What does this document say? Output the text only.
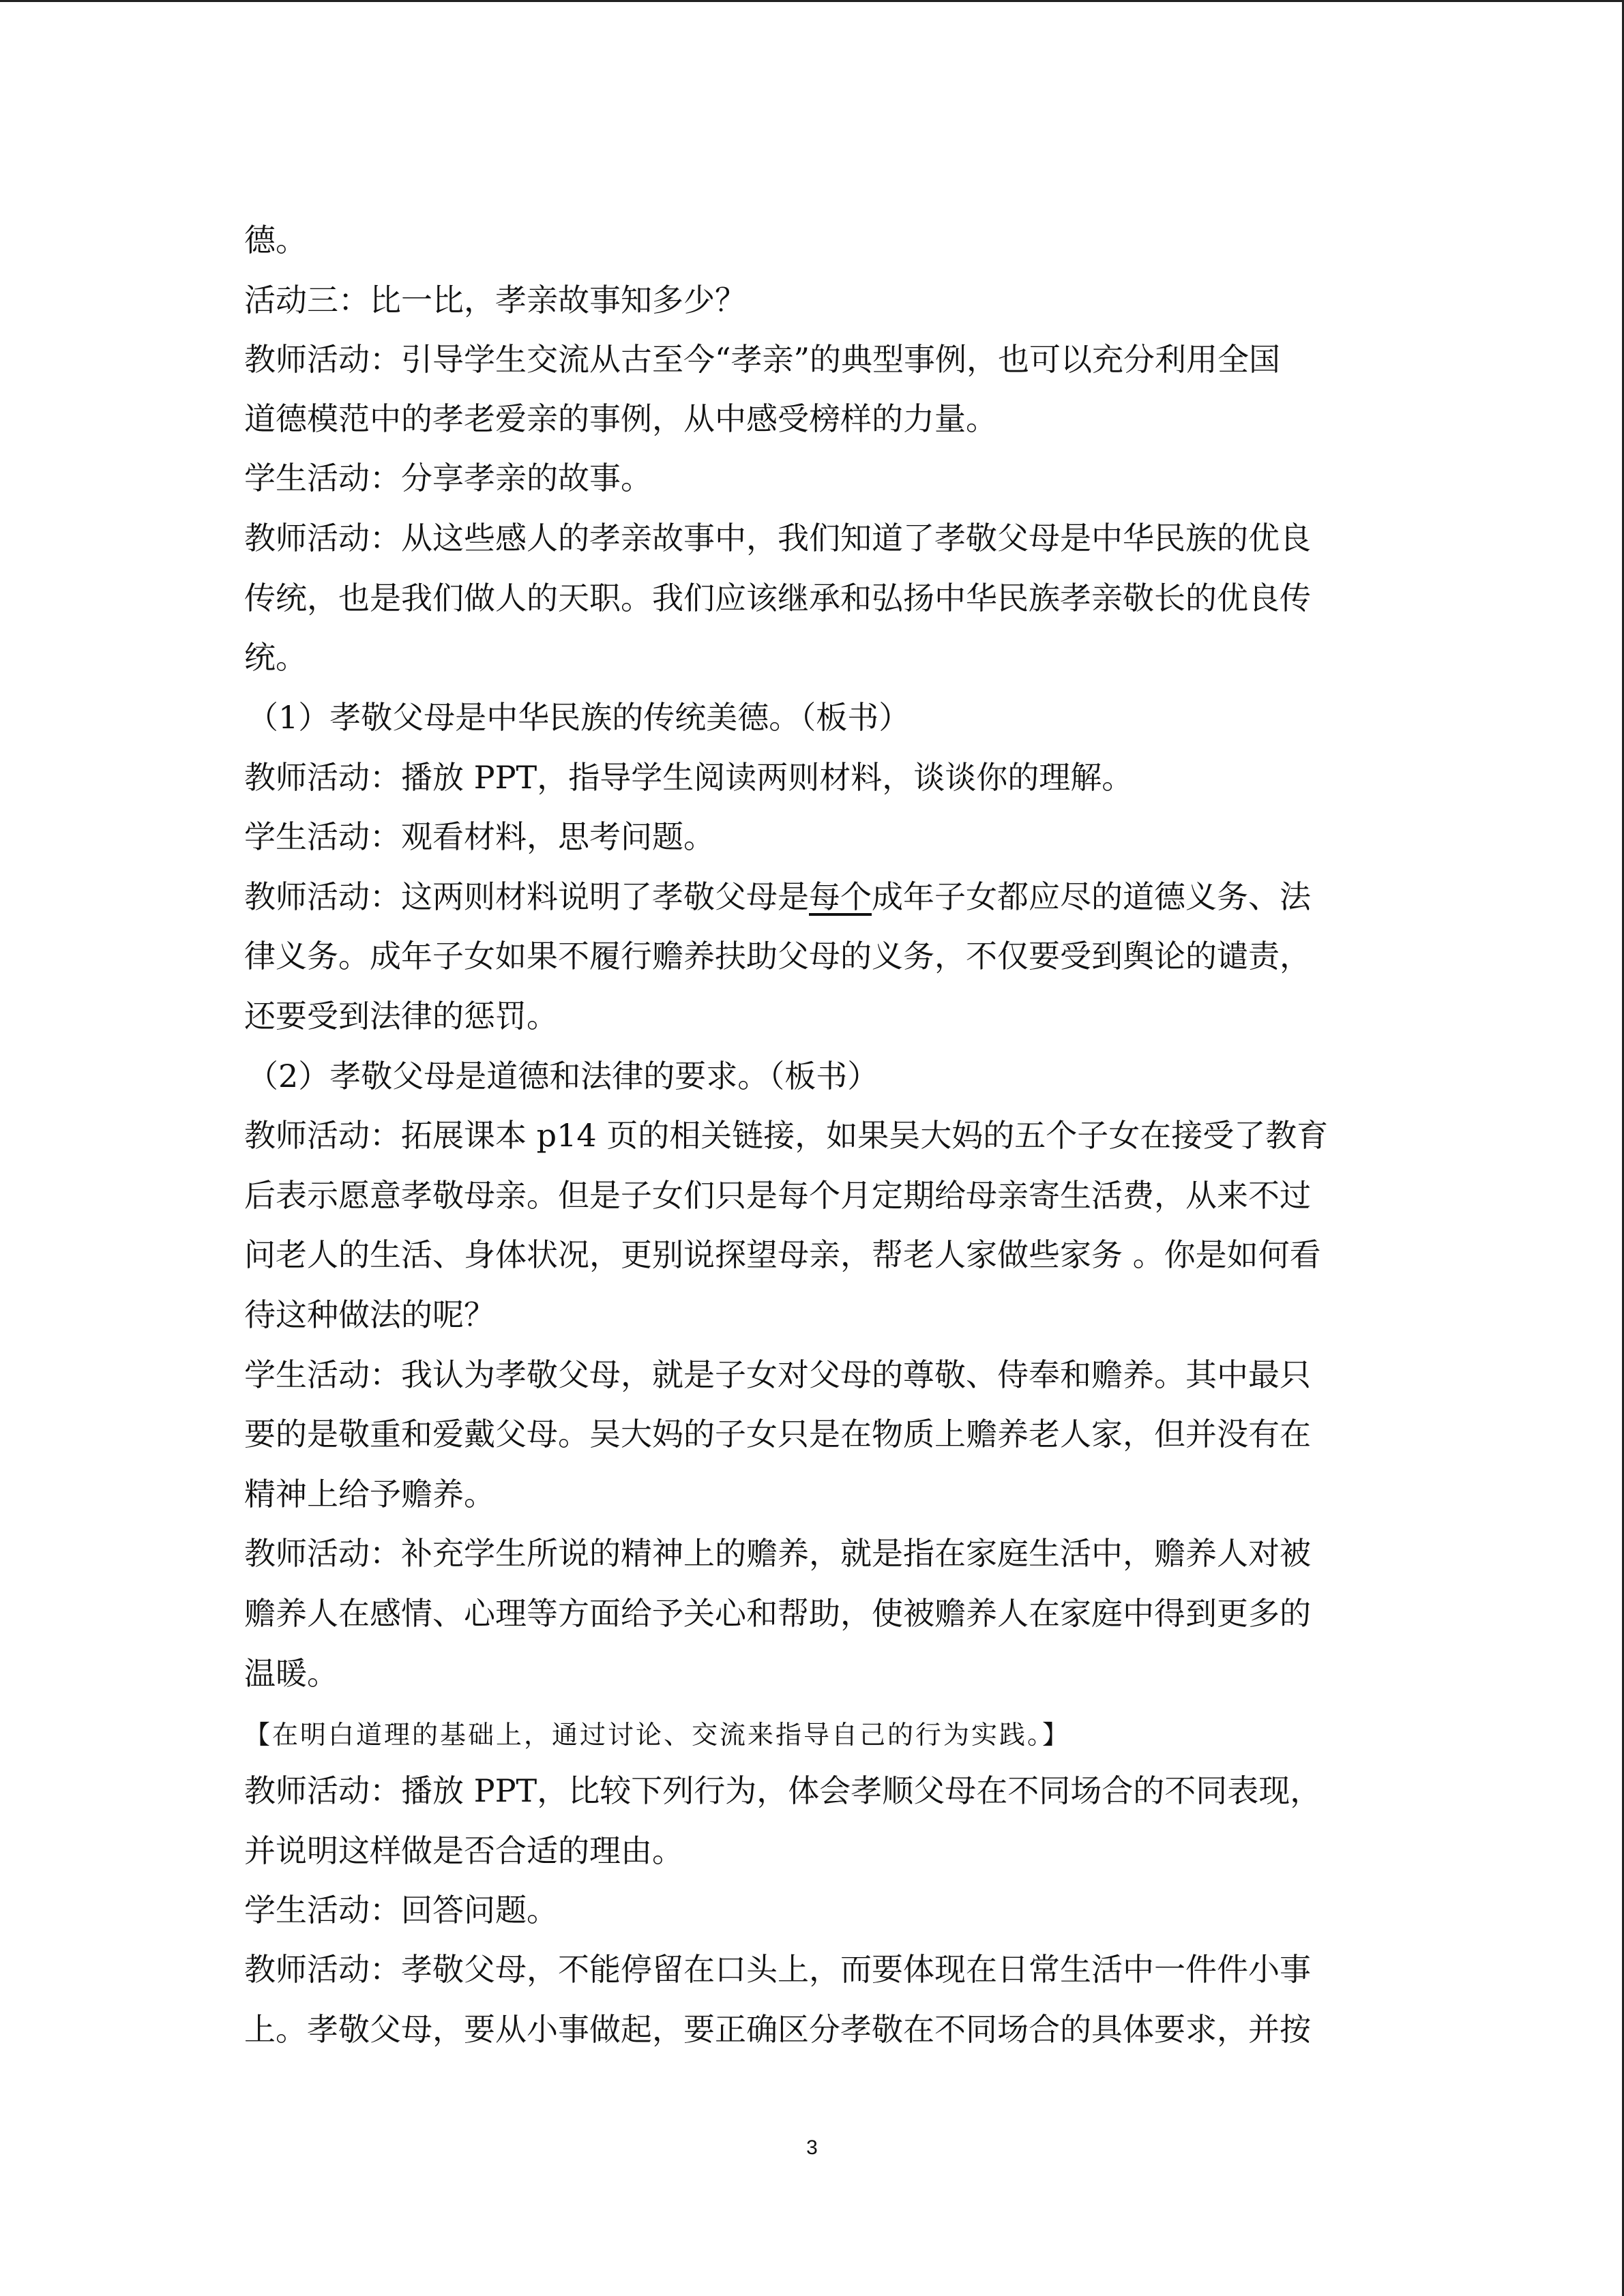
德。
活动三：比一比，孝亲故事知多少？
教师活动：引导学生交流从古至今“孝亲”的典型事例，也可以充分利用全国
道德模范中的孝老爱亲的事例，从中感受榜样的力量。
学生活动：分享孝亲的故事。
教师活动：从这些感人的孝亲故事中，我们知道了孝敬父母是中华民族的优良
传统，也是我们做人的天职。我们应该继承和弘扬中华民族孝亲敬长的优良传
统。
（1）孝敬父母是中华民族的传统美德。（板书）
教师活动：播放 PPT，指导学生阅读两则材料，谈谈你的理解。
学生活动：观看材料，思考问题。
教师活动：这两则材料说明了孝敬父母是每个成年子女都应尽的道德义务、法
律义务。成年子女如果不履行赡养扶助父母的义务，不仅要受到舆论的谴责，
还要受到法律的惩罚。
（2）孝敬父母是道德和法律的要求。（板书）
教师活动：拓展课本 p14 页的相关链接，如果吴大妈的五个子女在接受了教育
后表示愿意孝敬母亲。但是子女们只是每个月定期给母亲寄生活费，从来不过
问老人的生活、身体状况，更别说探望母亲，帮老人家做些家务 。你是如何看
待这种做法的呢？
学生活动：我认为孝敬父母，就是子女对父母的尊敬、侍奉和赡养。其中最只
要的是敬重和爱戴父母。吴大妈的子女只是在物质上赡养老人家，但并没有在
精神上给予赡养。
教师活动：补充学生所说的精神上的赡养，就是指在家庭生活中，赡养人对被
赡养人在感情、心理等方面给予关心和帮助，使被赡养人在家庭中得到更多的
温暖。
【在明白道理的基础上，通过讨论、交流来指导自己的行为实践。】
教师活动：播放 PPT，比较下列行为，体会孝顺父母在不同场合的不同表现，
并说明这样做是否合适的理由。
学生活动：回答问题。
教师活动：孝敬父母，不能停留在口头上，而要体现在日常生活中一件件小事
上。孝敬父母，要从小事做起，要正确区分孝敬在不同场合的具体要求，并按
3
